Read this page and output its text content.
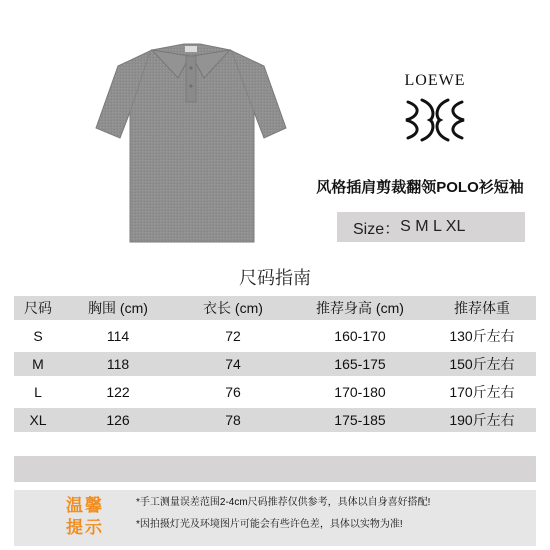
LOEWE
风格插肩剪裁翻领POLO衫短袖
Size： S M L XL
尺码指南
尺码	胸围 (cm)	衣长 (cm)	推荐身高 (cm)	推荐体重
S	114	72	160-170	130斤左右
M	118	74	165-175	150斤左右
L	122	76	170-180	170斤左右
XL	126	78	175-185	190斤左右
温馨
提示
*手工测量误差范围2-4cm尺码推荐仅供参考，具体以自身喜好搭配!
*因拍摄灯光及环境图片可能会有些许色差，具体以实物为准!
